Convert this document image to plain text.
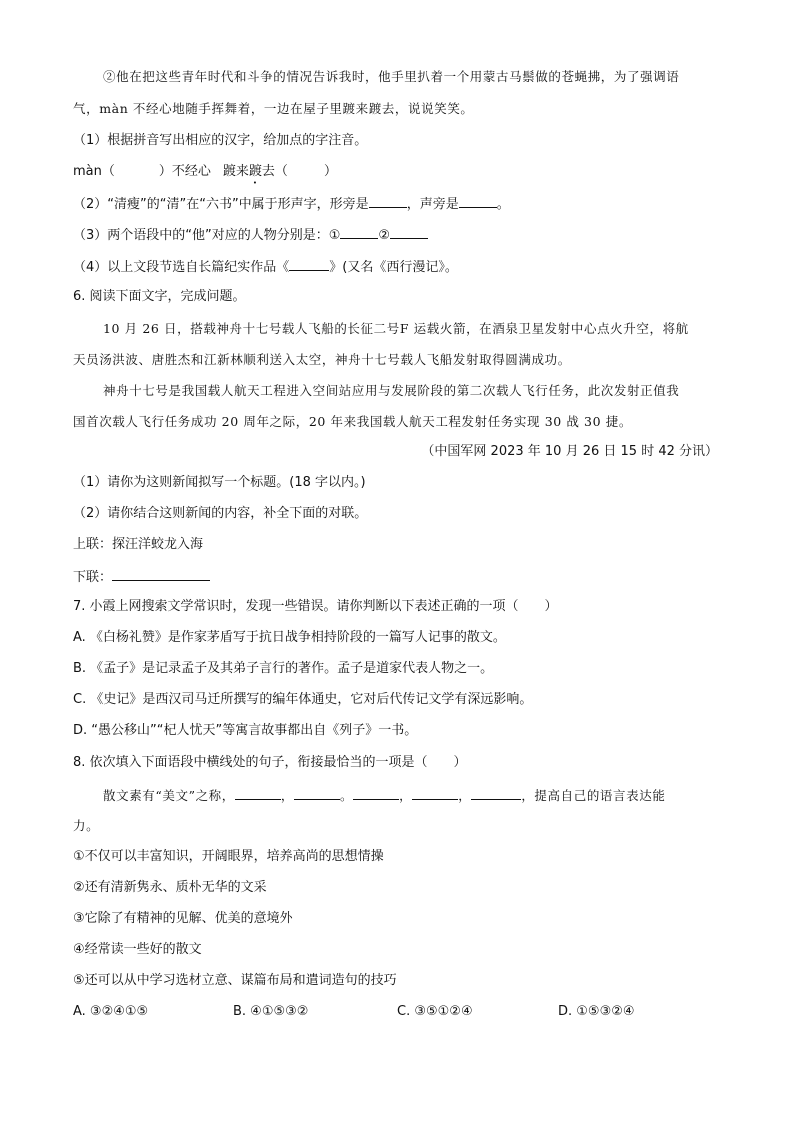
②他在把这些青年时代和斗争的情况告诉我时，他手里扒着一个用蒙古马鬃做的苍蝇拂，为了强调语
气，màn 不经心地随手挥舞着，一边在屋子里踱来踱去，说说笑笑。
（1）根据拼音写出相应的汉字，给加点的字注音。
màn（	）不经心 踱来踱去（	）
（2）“清瘦”的“清”在“六书”中属于形声字，形旁是	，声旁是	。
（3）两个语段中的“他”对应的人物分别是：①	②
（4）以上文段节选自长篇纪实作品《	》(又名《西行漫记》。
6. 阅读下面文字，完成问题。
10 月 26 日，搭载神舟十七号载人飞船的长征二号F 运载火箭，在酒泉卫星发射中心点火升空，将航
天员汤洪波、唐胜杰和江新林顺利送入太空，神舟十七号载人飞船发射取得圆满成功。
神舟十七号是我国载人航天工程进入空间站应用与发展阶段的第二次载人飞行任务，此次发射正值我
国首次载人飞行任务成功 20 周年之际，20 年来我国载人航天工程发射任务实现 30 战 30 捷。
（中国军网 2023 年 10 月 26 日 15 时 42 分讯）
（1）请你为这则新闻拟写一个标题。(18 字以内。)
（2）请你结合这则新闻的内容，补全下面的对联。
上联：探汪洋蛟龙入海
下联：
7. 小霞上网搜索文学常识时，发现一些错误。请你判断以下表述正确的一项（　　）
A. 《白杨礼赞》是作家茅盾写于抗日战争相持阶段的一篇写人记事的散文。
B. 《孟子》是记录孟子及其弟子言行的著作。孟子是道家代表人物之一。
C. 《史记》是西汉司马迁所撰写的编年体通史，它对后代传记文学有深远影响。
D. “愚公移山”“杞人忧天”等寓言故事都出自《列子》一书。
8. 依次填入下面语段中横线处的句子，衔接最恰当的一项是（　　）
散文素有“美文”之称，	，	。	，	，	，提高自己的语言表达能
力。
①不仅可以丰富知识，开阔眼界，培养高尚的思想情操
②还有清新隽永、质朴无华的文采
③它除了有精神的见解、优美的意境外
④经常读一些好的散文
⑤还可以从中学习选材立意、谋篇布局和遣词造句的技巧
A. ③②④①⑤	B. ④①⑤③②	C. ③⑤①②④	D. ①⑤③②④
